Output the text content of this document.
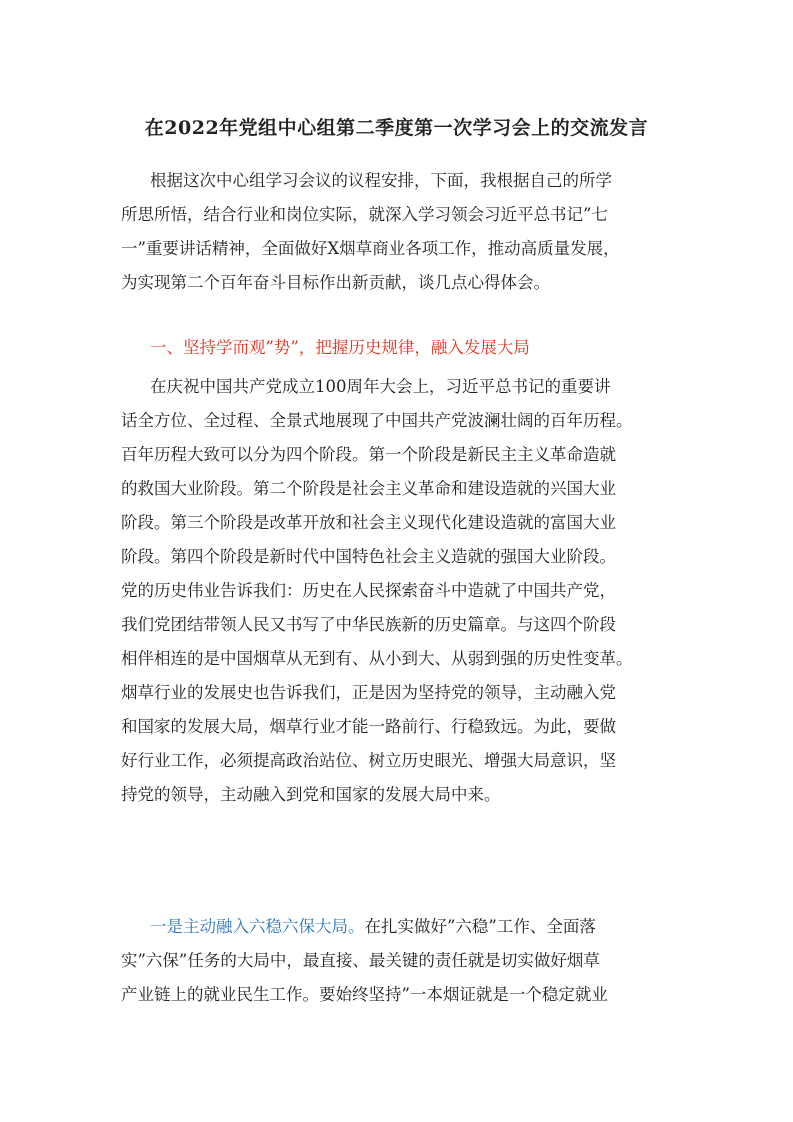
在2022年党组中心组第二季度第一次学习会上的交流发言
根据这次中心组学习会议的议程安排，下面，我根据自己的所学
所思所悟，结合行业和岗位实际，就深入学习领会习近平总书记”七
一”重要讲话精神，全面做好X烟草商业各项工作，推动高质量发展，
为实现第二个百年奋斗目标作出新贡献，谈几点心得体会。
一、坚持学而观”势”，把握历史规律，融入发展大局
在庆祝中国共产党成立100周年大会上，习近平总书记的重要讲
话全方位、全过程、全景式地展现了中国共产党波澜壮阔的百年历程。
百年历程大致可以分为四个阶段。第一个阶段是新民主主义革命造就
的救国大业阶段。第二个阶段是社会主义革命和建设造就的兴国大业
阶段。第三个阶段是改革开放和社会主义现代化建设造就的富国大业
阶段。第四个阶段是新时代中国特色社会主义造就的强国大业阶段。
党的历史伟业告诉我们：历史在人民探索奋斗中造就了中国共产党，
我们党团结带领人民又书写了中华民族新的历史篇章。与这四个阶段
相伴相连的是中国烟草从无到有、从小到大、从弱到强的历史性变革。
烟草行业的发展史也告诉我们，正是因为坚持党的领导，主动融入党
和国家的发展大局，烟草行业才能一路前行、行稳致远。为此，要做
好行业工作，必须提高政治站位、树立历史眼光、增强大局意识，坚
持党的领导，主动融入到党和国家的发展大局中来。
一是主动融入六稳六保大局。在扎实做好”六稳”工作、全面落
实”六保”任务的大局中，最直接、最关键的责任就是切实做好烟草
产业链上的就业民生工作。要始终坚持”一本烟证就是一个稳定就业
